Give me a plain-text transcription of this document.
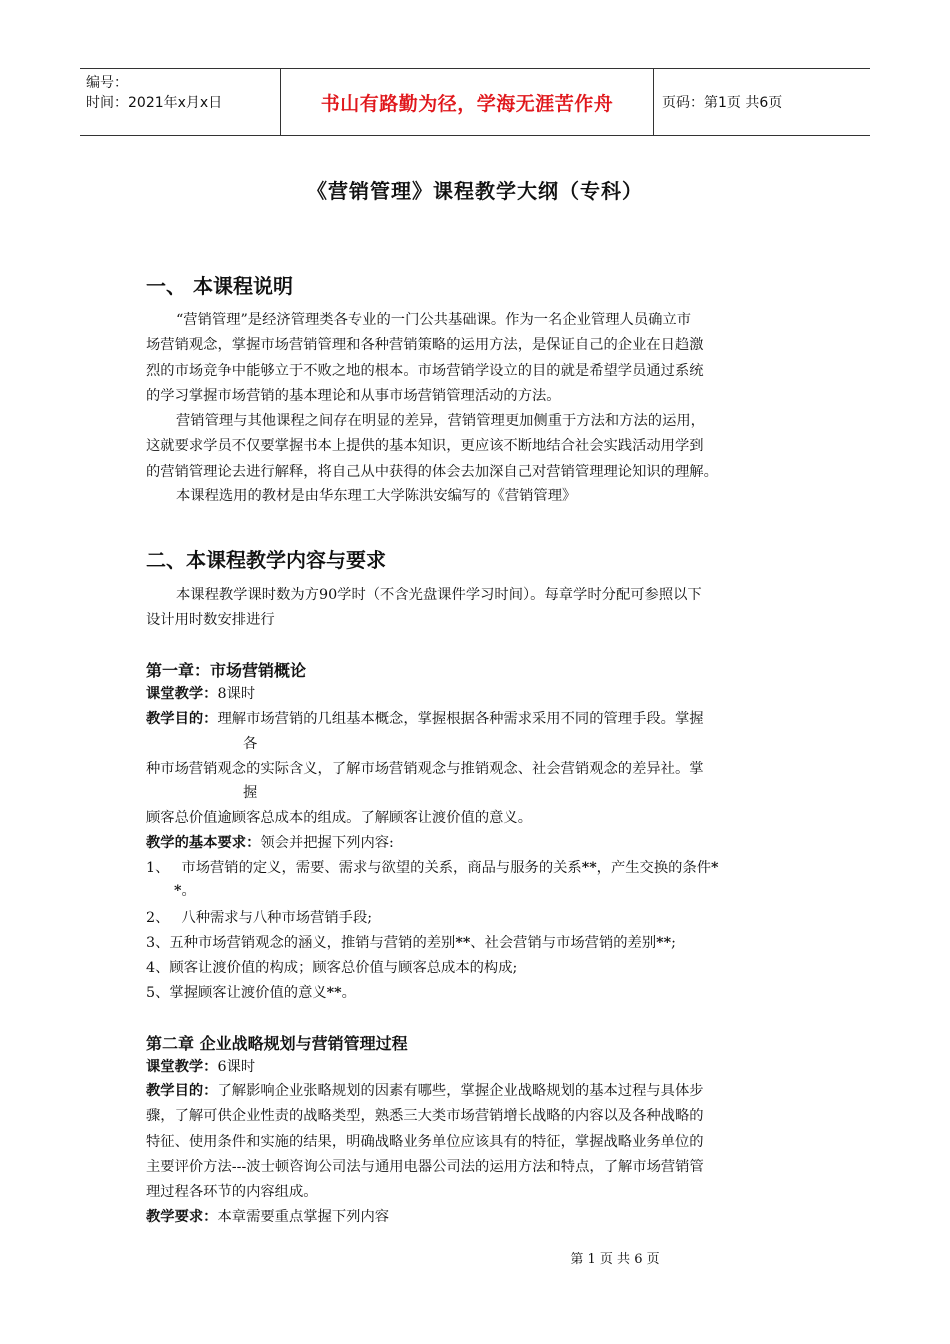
编号：
时间：2021年x月x日	书山有路勤为径，学海无涯苦作舟	页码：第1页 共6页
《营销管理》课程教学大纲（专科）
一、 本课程说明
“营销管理”是经济管理类各专业的一门公共基础课。作为一名企业管理人员确立市
场营销观念，掌握市场营销管理和各种营销策略的运用方法，是保证自己的企业在日趋激
烈的市场竞争中能够立于不败之地的根本。市场营销学设立的目的就是希望学员通过系统
的学习掌握市场营销的基本理论和从事市场营销管理活动的方法。
营销管理与其他课程之间存在明显的差异，营销管理更加侧重于方法和方法的运用，
这就要求学员不仅要掌握书本上提供的基本知识，更应该不断地结合社会实践活动用学到
的营销管理论去进行解释，将自己从中获得的体会去加深自己对营销管理理论知识的理解。
本课程选用的教材是由华东理工大学陈洪安编写的《营销管理》
二、本课程教学内容与要求
本课程教学课时数为方90学时（不含光盘课件学习时间）。每章学时分配可参照以下
设计用时数安排进行
第一章：市场营销概论
课堂教学：8课时
教学目的：理解市场营销的几组基本概念，掌握根据各种需求采用不同的管理手段。掌握
各
种市场营销观念的实际含义，了解市场营销观念与推销观念、社会营销观念的差异社。掌
握
顾客总价值逾顾客总成本的组成。了解顾客让渡价值的意义。
教学的基本要求：领会并把握下列内容:
1、 市场营销的定义，需要、需求与欲望的关系，商品与服务的关系**，产生交换的条件*
*。
2、 八种需求与八种市场营销手段;
3、五种市场营销观念的涵义，推销与营销的差别**、社会营销与市场营销的差别**;
4、顾客让渡价值的构成；顾客总价值与顾客总成本的构成;
5、掌握顾客让渡价值的意义**。
第二章 企业战略规划与营销管理过程
课堂教学：6课时
教学目的：了解影响企业张略规划的因素有哪些，掌握企业战略规划的基本过程与具体步
骤，了解可供企业性责的战略类型，熟悉三大类市场营销增长战略的内容以及各种战略的
特征、使用条件和实施的结果，明确战略业务单位应该具有的特征，掌握战略业务单位的
主要评价方法---波士顿咨询公司法与通用电器公司法的运用方法和特点，了解市场营销管
理过程各环节的内容组成。
教学要求：本章需要重点掌握下列内容
第 1 页 共 6 页
